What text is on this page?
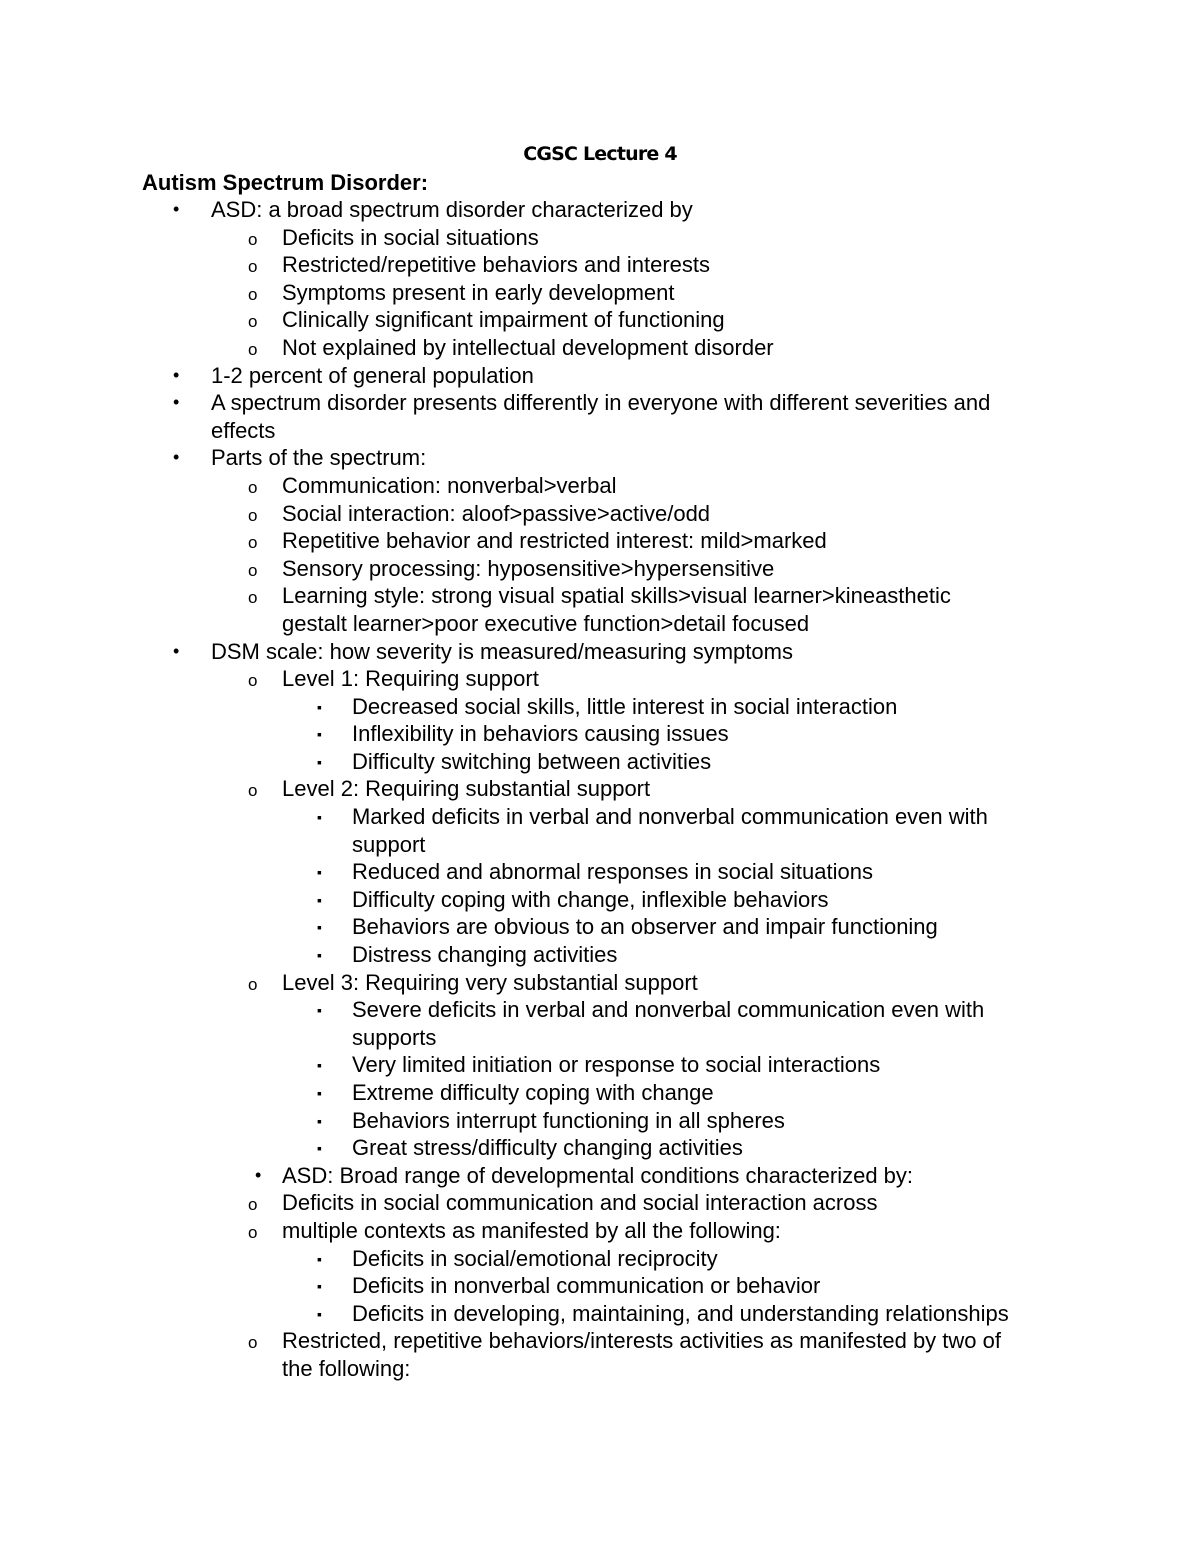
CGSC Lecture 4
Autism Spectrum Disorder:
• ASD: a broad spectrum disorder characterized by
o Deficits in social situations
o Restricted/repetitive behaviors and interests
o Symptoms present in early development
o Clinically significant impairment of functioning
o Not explained by intellectual development disorder
• 1-2 percent of general population
• A spectrum disorder presents differently in everyone with different severities and
effects
• Parts of the spectrum:
o Communication: nonverbal>verbal
o Social interaction: aloof>passive>active/odd
o Repetitive behavior and restricted interest: mild>marked
o Sensory processing: hyposensitive>hypersensitive
o Learning style: strong visual spatial skills>visual learner>kineasthetic
gestalt learner>poor executive function>detail focused
• DSM scale: how severity is measured/measuring symptoms
o Level 1: Requiring support
▪ Decreased social skills, little interest in social interaction
▪ Inflexibility in behaviors causing issues
▪ Difficulty switching between activities
o Level 2: Requiring substantial support
▪ Marked deficits in verbal and nonverbal communication even with
support
▪ Reduced and abnormal responses in social situations
▪ Difficulty coping with change, inflexible behaviors
▪ Behaviors are obvious to an observer and impair functioning
▪ Distress changing activities
o Level 3: Requiring very substantial support
▪ Severe deficits in verbal and nonverbal communication even with
supports
▪ Very limited initiation or response to social interactions
▪ Extreme difficulty coping with change
▪ Behaviors interrupt functioning in all spheres
▪ Great stress/difficulty changing activities
• ASD: Broad range of developmental conditions characterized by:
o Deficits in social communication and social interaction across
o multiple contexts as manifested by all the following:
▪ Deficits in social/emotional reciprocity
▪ Deficits in nonverbal communication or behavior
▪ Deficits in developing, maintaining, and understanding relationships
o Restricted, repetitive behaviors/interests activities as manifested by two of
the following:
